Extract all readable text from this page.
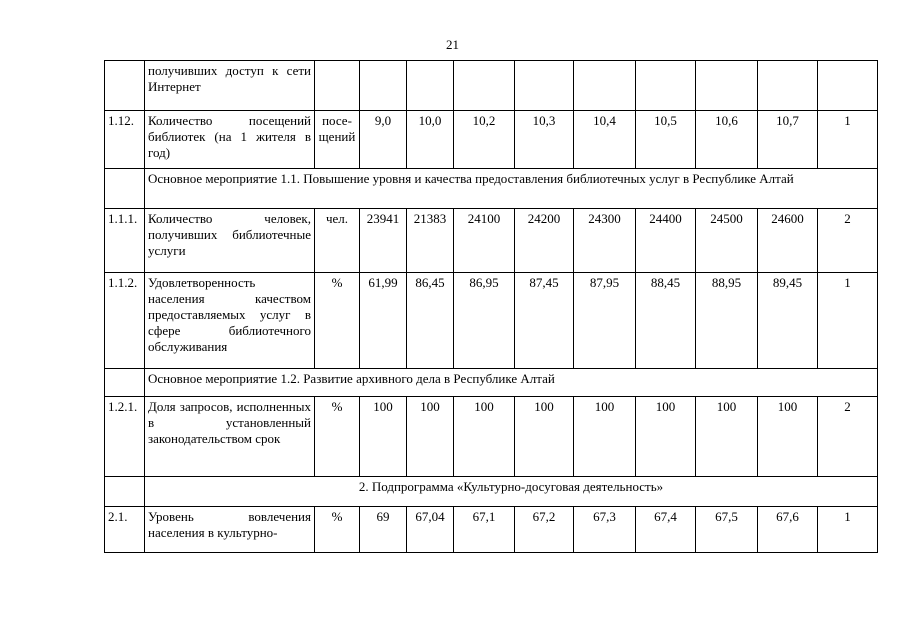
21
	получивших доступ к сети Интернет										
1.12.	Количество посещений библиотек (на 1 жителя в год)	посе-щений	9,0	10,0	10,2	10,3	10,4	10,5	10,6	10,7	1
	Основное мероприятие 1.1. Повышение уровня и качества предоставления библиотечных услуг в Республике Алтай										
1.1.1.	Количество человек, получивших библиотечные услуги	чел.	23941	21383	24100	24200	24300	24400	24500	24600	2
1.1.2.	Удовлетворенность населения качеством предоставляемых услуг в сфере библиотечного обслуживания	%	61,99	86,45	86,95	87,45	87,95	88,45	88,95	89,45	1
	Основное мероприятие 1.2. Развитие архивного дела в Республике Алтай										
1.2.1.	Доля запросов, исполненных в установленный законодательством срок	%	100	100	100	100	100	100	100	100	2
	2. Подпрограмма «Культурно-досуговая деятельность»										
2.1.	Уровень вовлечения населения в культурно-	%	69	67,04	67,1	67,2	67,3	67,4	67,5	67,6	1
